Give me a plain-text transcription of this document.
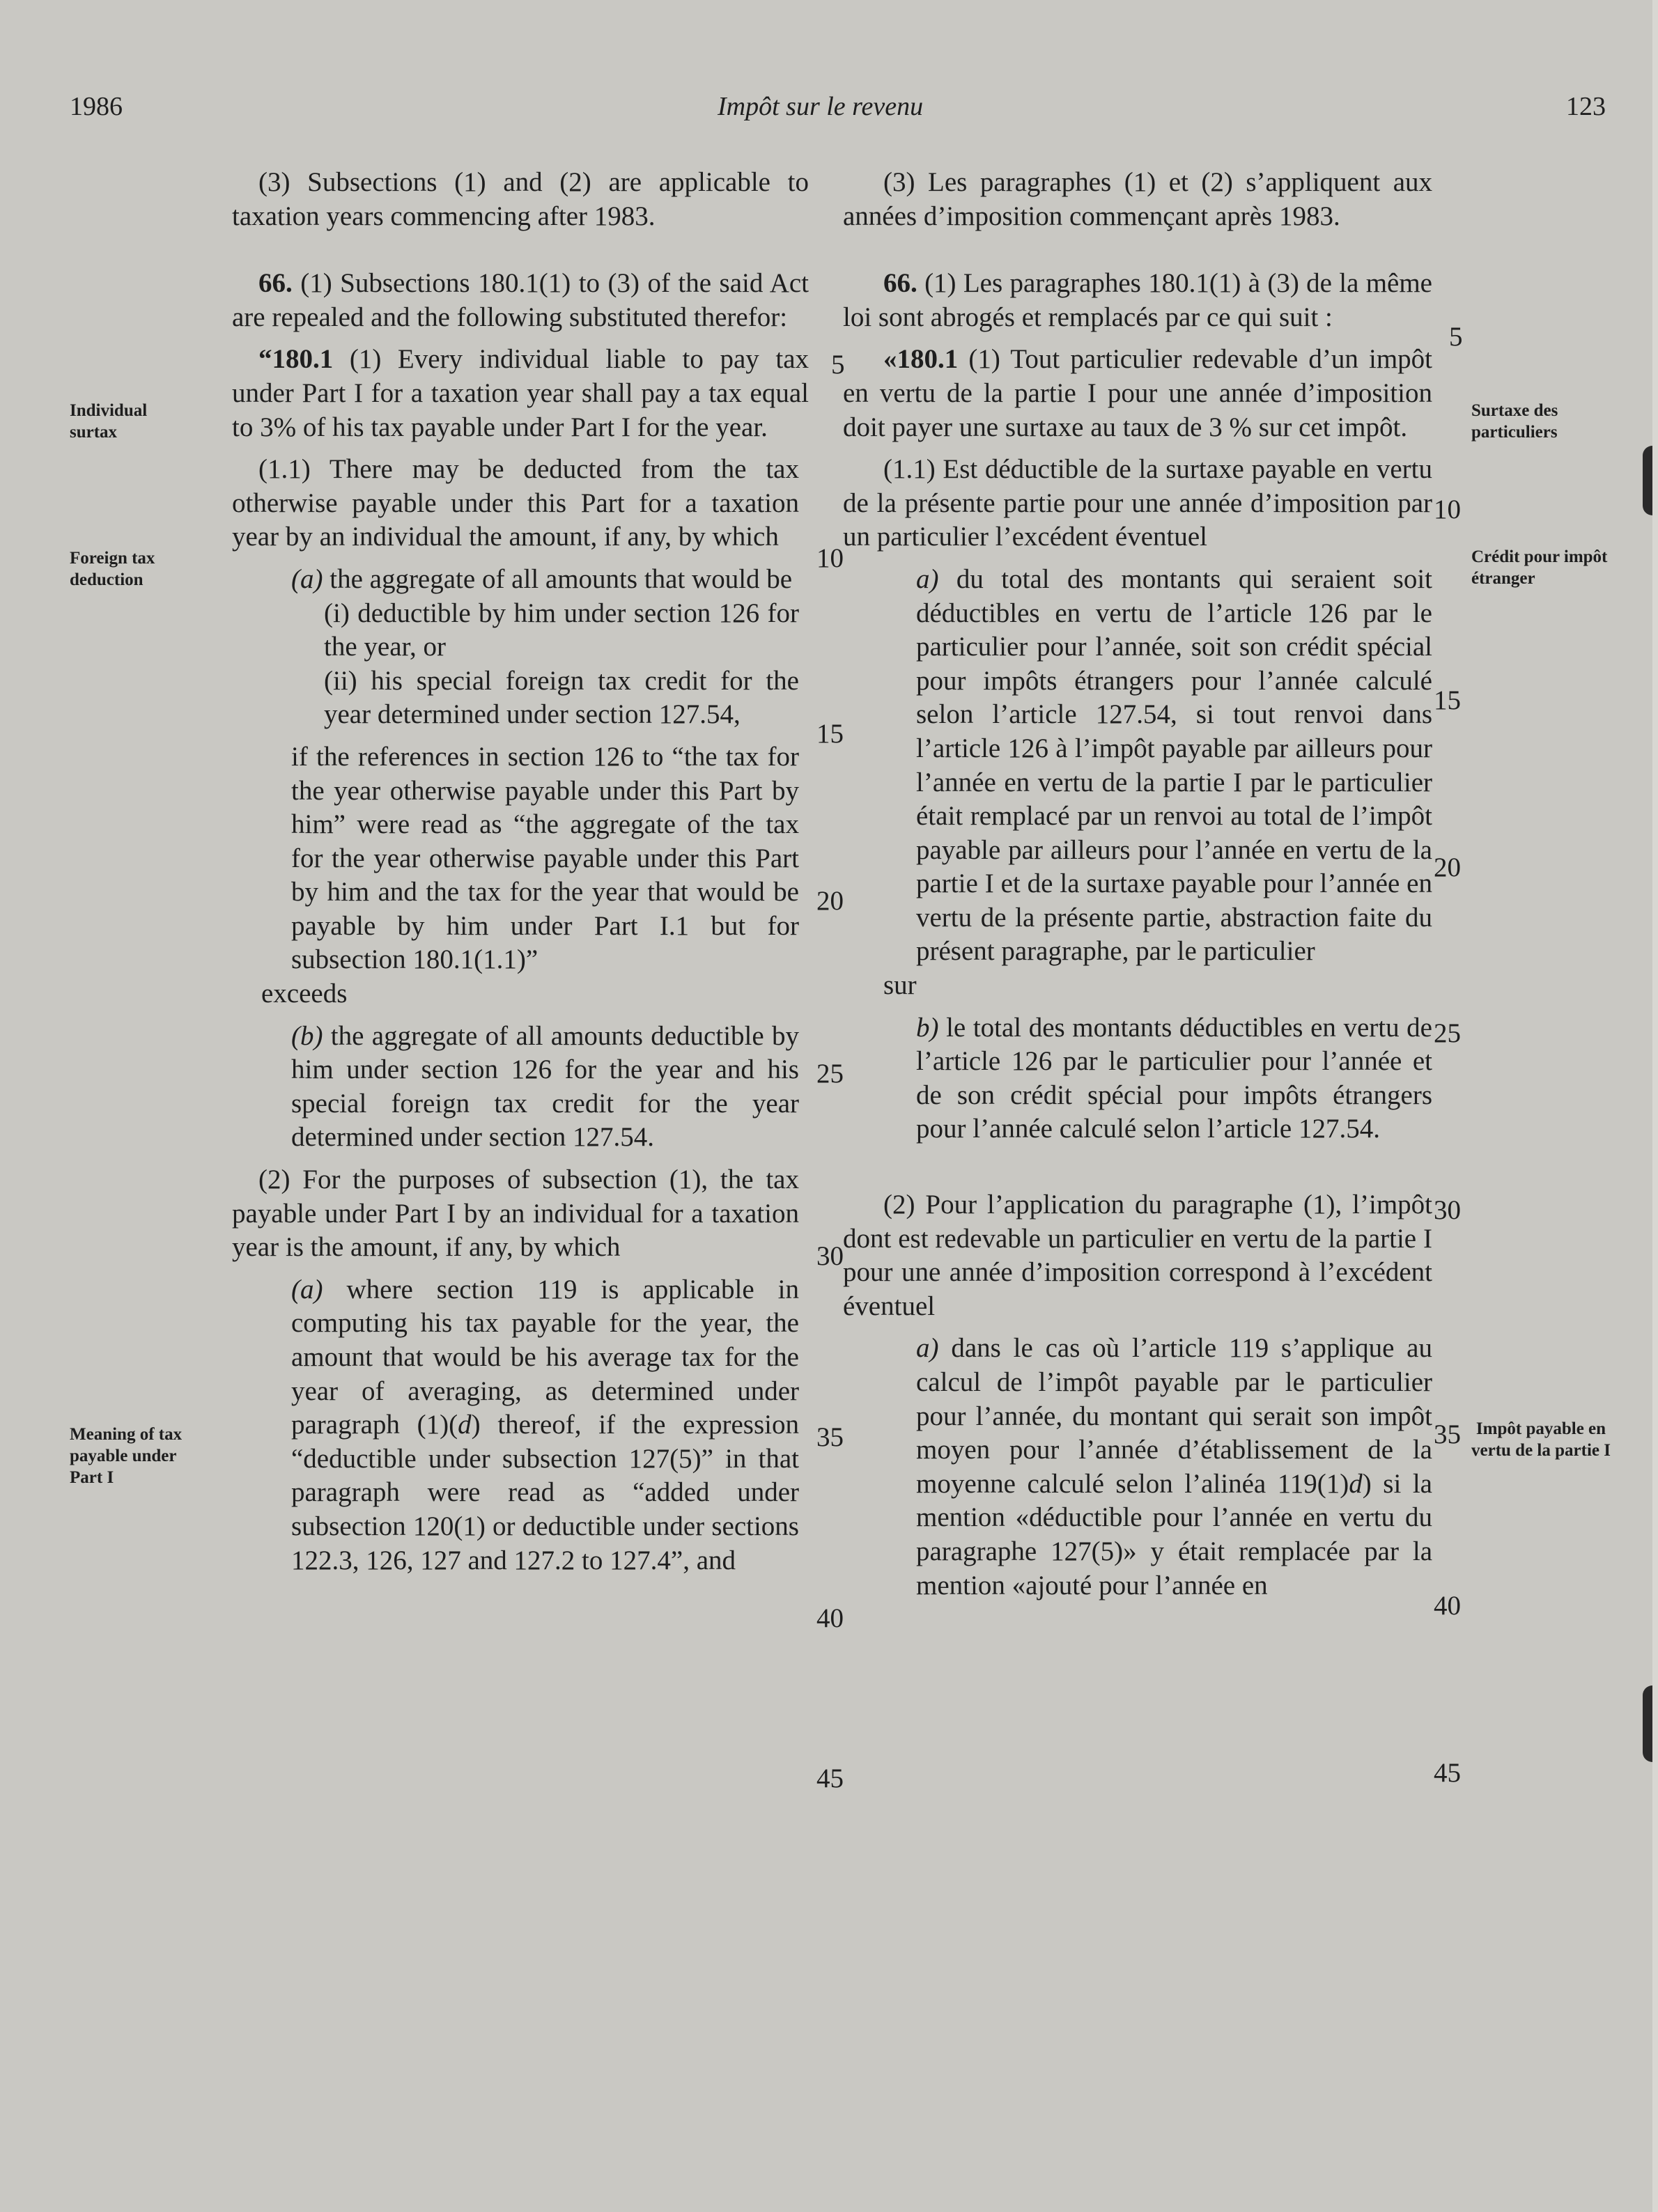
1986	Impôt sur le revenu	123
Individual surtax
Foreign tax deduction
Meaning of tax payable under Part I
Surtaxe des particuliers
Crédit pour impôt étranger
Impôt payable en vertu de la partie I

(3) Subsections (1) and (2) are applicable to taxation years commencing after 1983.

66. (1) Subsections 180.1(1) to (3) of the said Act are repealed and the following substituted therefor:

“180.1 (1) Every individual liable to pay tax under Part I for a taxation year shall pay a tax equal to 3% of his tax payable under Part I for the year.

(1.1) There may be deducted from the tax otherwise payable under this Part for a taxation year by an individual the amount, if any, by which

(a) the aggregate of all amounts that would be

(i) deductible by him under section 126 for the year, or

(ii) his special foreign tax credit for the year determined under section 127.54,

if the references in section 126 to “the tax for the year otherwise payable under this Part by him” were read as “the aggregate of the tax for the year otherwise payable under this Part by him and the tax for the year that would be payable by him under Part I.1 but for subsection 180.1(1.1)”

exceeds

(b) the aggregate of all amounts deductible by him under section 126 for the year and his special foreign tax credit for the year determined under section 127.54.

(2) For the purposes of subsection (1), the tax payable under Part I by an individual for a taxation year is the amount, if any, by which

(a) where section 119 is applicable in computing his tax payable for the year, the amount that would be his average tax for the year of averaging, as determined under paragraph (1)(d) thereof, if the expression “deductible under subsection 127(5)” in that paragraph were read as “added under subsection 120(1) or deductible under sections 122.3, 126, 127 and 127.2 to 127.4”, and

(3) Les paragraphes (1) et (2) s’appliquent aux années d’imposition commençant après 1983.

66. (1) Les paragraphes 180.1(1) à (3) de la même loi sont abrogés et remplacés par ce qui suit :

«180.1 (1) Tout particulier redevable d’un impôt en vertu de la partie I pour une année d’imposition doit payer une surtaxe au taux de 3 % sur cet impôt.

(1.1) Est déductible de la surtaxe payable en vertu de la présente partie pour une année d’imposition par un particulier l’excédent éventuel

a) du total des montants qui seraient soit déductibles en vertu de l’article 126 par le particulier pour l’année, soit son crédit spécial pour impôts étrangers pour l’année calculé selon l’article 127.54, si tout renvoi dans l’article 126 à l’impôt payable par ailleurs pour l’année en vertu de la partie I par le particulier était remplacé par un renvoi au total de l’impôt payable par ailleurs pour l’année en vertu de la partie I et de la surtaxe payable pour l’année en vertu de la présente partie, abstraction faite du présent paragraphe, par le particulier

sur

b) le total des montants déductibles en vertu de l’article 126 par le particulier pour l’année et de son crédit spécial pour impôts étrangers pour l’année calculé selon l’article 127.54.

(2) Pour l’application du paragraphe (1), l’impôt dont est redevable un particulier en vertu de la partie I pour une année d’imposition correspond à l’excédent éventuel

a) dans le cas où l’article 119 s’applique au calcul de l’impôt payable par le particulier pour l’année, du montant qui serait son impôt moyen pour l’année d’établissement de la moyenne calculé selon l’alinéa 119(1)d) si la mention «déductible pour l’année en vertu du paragraphe 127(5)» y était remplacée par la mention «ajouté pour l’année en

5
10
15
20
25
30
35
40
45
5
10
15
20
25
30
35
40
45
